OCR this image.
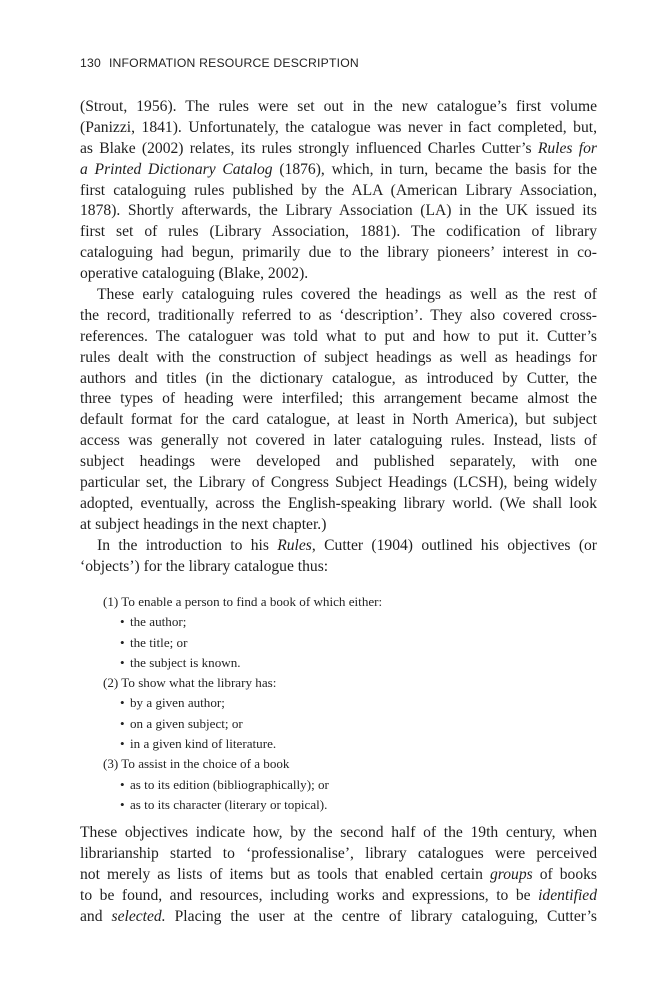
130 INFORMATION RESOURCE DESCRIPTION
(Strout, 1956). The rules were set out in the new catalogue’s first volume
(Panizzi, 1841). Unfortunately, the catalogue was never in fact completed, but,
as Blake (2002) relates, its rules strongly influenced Charles Cutter’s Rules for
a Printed Dictionary Catalog (1876), which, in turn, became the basis for the
first cataloguing rules published by the ALA (American Library Association,
1878). Shortly afterwards, the Library Association (LA) in the UK issued its
first set of rules (Library Association, 1881). The codification of library
cataloguing had begun, primarily due to the library pioneers’ interest in co-
operative cataloguing (Blake, 2002).
These early cataloguing rules covered the headings as well as the rest of
the record, traditionally referred to as ‘description’. They also covered cross-
references. The cataloguer was told what to put and how to put it. Cutter’s
rules dealt with the construction of subject headings as well as headings for
authors and titles (in the dictionary catalogue, as introduced by Cutter, the
three types of heading were interfiled; this arrangement became almost the
default format for the card catalogue, at least in North America), but subject
access was generally not covered in later cataloguing rules. Instead, lists of
subject headings were developed and published separately, with one
particular set, the Library of Congress Subject Headings (LCSH), being widely
adopted, eventually, across the English-speaking library world. (We shall look
at subject headings in the next chapter.)
In the introduction to his Rules, Cutter (1904) outlined his objectives (or
‘objects’) for the library catalogue thus:
(1) To enable a person to find a book of which either:
• the author;
• the title; or
• the subject is known.
(2) To show what the library has:
• by a given author;
• on a given subject; or
• in a given kind of literature.
(3) To assist in the choice of a book
• as to its edition (bibliographically); or
• as to its character (literary or topical).
These objectives indicate how, by the second half of the 19th century, when
librarianship started to ‘professionalise’, library catalogues were perceived
not merely as lists of items but as tools that enabled certain groups of books
to be found, and resources, including works and expressions, to be identified
and selected. Placing the user at the centre of library cataloguing, Cutter’s
